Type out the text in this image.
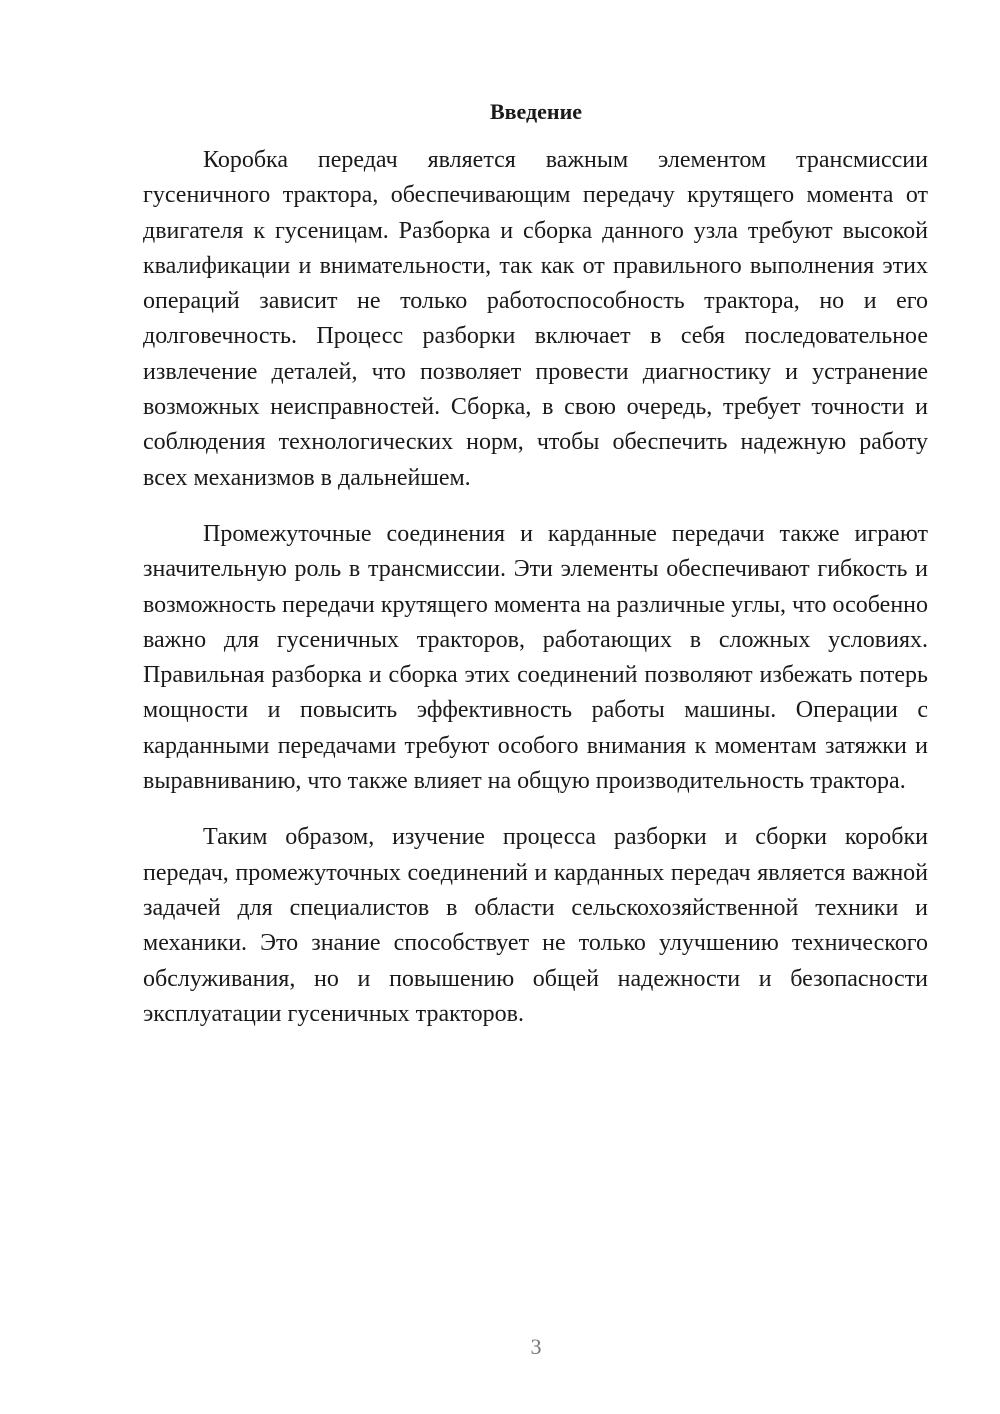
Введение

Коробка передач является важным элементом трансмиссии гусеничного трактора, обеспечивающим передачу крутящего момента от двигателя к гусеницам. Разборка и сборка данного узла требуют высокой квалификации и внимательности, так как от правильного выполнения этих операций зависит не только работоспособность трактора, но и его долговечность. Процесс разборки включает в себя последовательное извлечение деталей, что позволяет провести диагностику и устранение возможных неисправностей. Сборка, в свою очередь, требует точности и соблюдения технологических норм, чтобы обеспечить надежную работу всех механизмов в дальнейшем.

Промежуточные соединения и карданные передачи также играют значительную роль в трансмиссии. Эти элементы обеспечивают гибкость и возможность передачи крутящего момента на различные углы, что особенно важно для гусеничных тракторов, работающих в сложных условиях. Правильная разборка и сборка этих соединений позволяют избежать потерь мощности и повысить эффективность работы машины. Операции с карданными передачами требуют особого внимания к моментам затяжки и выравниванию, что также влияет на общую производительность трактора.

Таким образом, изучение процесса разборки и сборки коробки передач, промежуточных соединений и карданных передач является важной задачей для специалистов в области сельскохозяйственной техники и механики. Это знание способствует не только улучшению технического обслуживания, но и повышению общей надежности и безопасности эксплуатации гусеничных тракторов.

3
